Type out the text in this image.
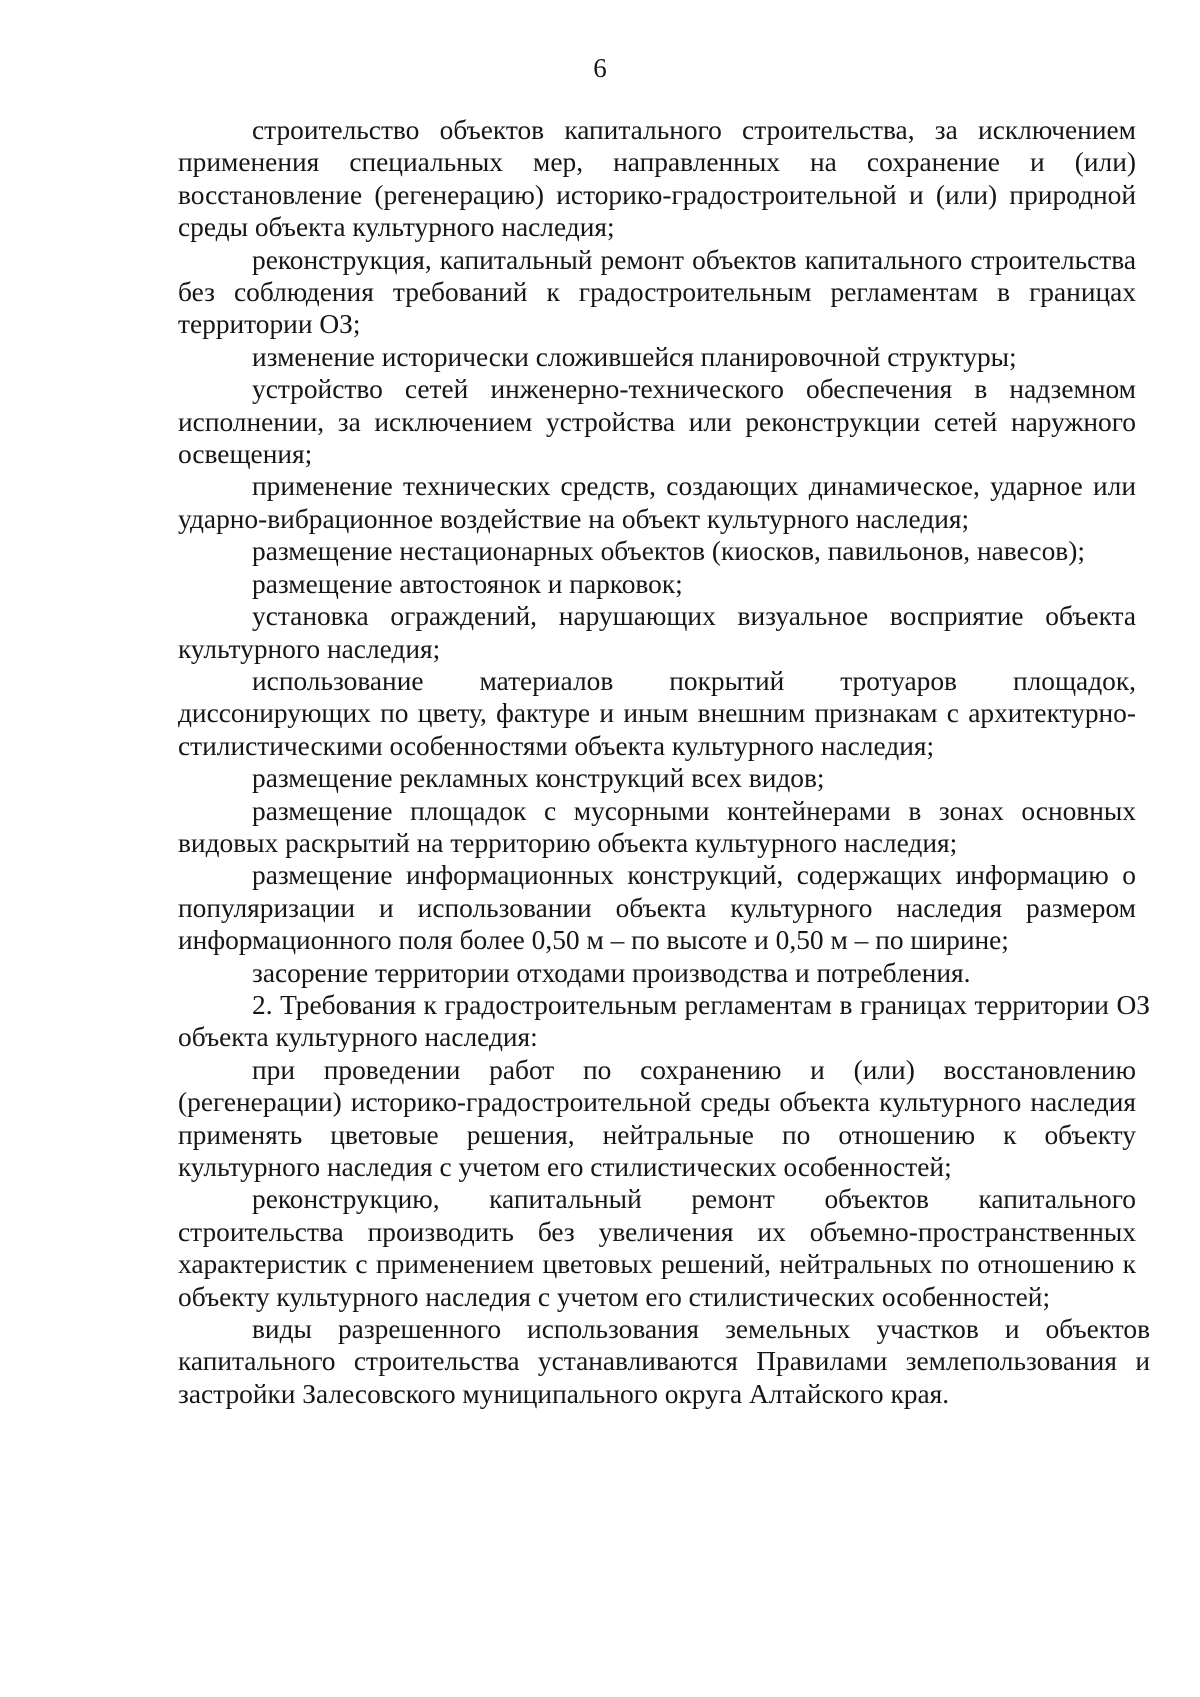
6

строительство объектов капитального строительства, за исключением применения специальных мер, направленных на сохранение и (или) восстановление (регенерацию) историко-градостроительной и (или) природной среды объекта культурного наследия;

реконструкция, капитальный ремонт объектов капитального строительства без соблюдения требований к градостроительным регламентам в границах территории ОЗ;

изменение исторически сложившейся планировочной структуры;

устройство сетей инженерно-технического обеспечения в надземном исполнении, за исключением устройства или реконструкции сетей наружного освещения;

применение технических средств, создающих динамическое, ударное или ударно-вибрационное воздействие на объект культурного наследия;

размещение нестационарных объектов (киосков, павильонов, навесов);

размещение автостоянок и парковок;

установка ограждений, нарушающих визуальное восприятие объекта культурного наследия;

использование материалов покрытий тротуаров площадок, диссонирующих по цвету, фактуре и иным внешним признакам с архитектурно-стилистическими особенностями объекта культурного наследия;

размещение рекламных конструкций всех видов;

размещение площадок с мусорными контейнерами в зонах основных видовых раскрытий на территорию объекта культурного наследия;

размещение информационных конструкций, содержащих информацию о популяризации и использовании объекта культурного наследия размером информационного поля более 0,50 м – по высоте и 0,50 м – по ширине;

засорение территории отходами производства и потребления.

2. Требования к градостроительным регламентам в границах территории ОЗ объекта культурного наследия:

при проведении работ по сохранению и (или) восстановлению (регенерации) историко-градостроительной среды объекта культурного наследия применять цветовые решения, нейтральные по отношению к объекту культурного наследия с учетом его стилистических особенностей;

реконструкцию, капитальный ремонт объектов капитального строительства производить без увеличения их объемно-пространственных характеристик с применением цветовых решений, нейтральных по отношению к объекту культурного наследия с учетом его стилистических особенностей;

виды разрешенного использования земельных участков и объектов капитального строительства устанавливаются Правилами землепользования и застройки Залесовского муниципального округа Алтайского края.
